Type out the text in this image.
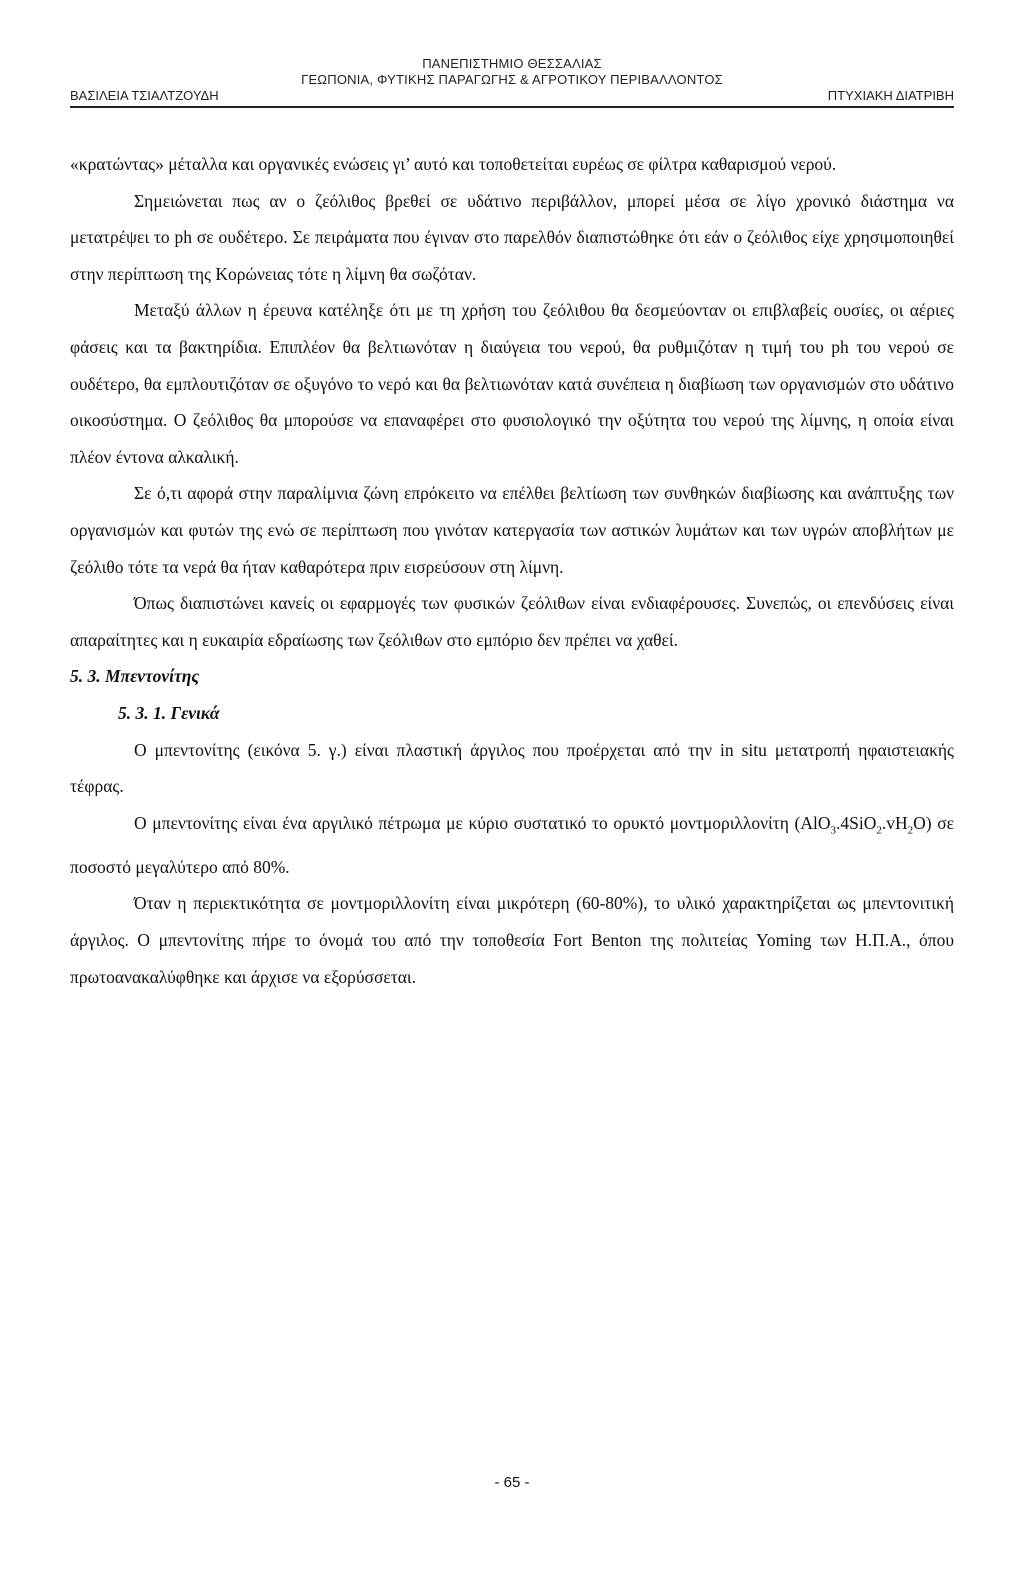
ΠΑΝΕΠΙΣΤΗΜΙΟ ΘΕΣΣΑΛΙΑΣ
ΓΕΩΠΟΝΙΑ, ΦΥΤΙΚΗΣ ΠΑΡΑΓΩΓΗΣ & ΑΓΡΟΤΙΚΟΥ ΠΕΡΙΒΑΛΛΟΝΤΟΣ
ΒΑΣΙΛΕΙΑ ΤΣΙΑΛΤΖΟΥΔΗ	ΠΤΥΧΙΑΚΗ ΔΙΑΤΡΙΒΗ

«κρατώντας» μέταλλα και οργανικές ενώσεις γι’ αυτό και τοποθετείται ευρέως σε φίλτρα καθαρισμού νερού.

Σημειώνεται πως αν ο ζεόλιθος βρεθεί σε υδάτινο περιβάλλον, μπορεί μέσα σε λίγο χρονικό διάστημα να μετατρέψει το ph σε ουδέτερο. Σε πειράματα που έγιναν στο παρελθόν διαπιστώθηκε ότι εάν ο ζεόλιθος είχε χρησιμοποιηθεί στην περίπτωση της Κορώνειας τότε η λίμνη θα σωζόταν.

Μεταξύ άλλων η έρευνα κατέληξε ότι με τη χρήση του ζεόλιθου θα δεσμεύονταν οι επιβλαβείς ουσίες, οι αέριες φάσεις και τα βακτηρίδια. Επιπλέον θα βελτιωνόταν η διαύγεια του νερού, θα ρυθμιζόταν η τιμή του ph του νερού σε ουδέτερο, θα εμπλουτιζόταν σε οξυγόνο το νερό και θα βελτιωνόταν κατά συνέπεια η διαβίωση των οργανισμών στο υδάτινο οικοσύστημα. Ο ζεόλιθος θα μπορούσε να επαναφέρει στο φυσιολογικό την οξύτητα του νερού της λίμνης, η οποία είναι πλέον έντονα αλκαλική.

Σε ό,τι αφορά στην παραλίμνια ζώνη επρόκειτο να επέλθει βελτίωση των συνθηκών διαβίωσης και ανάπτυξης των οργανισμών και φυτών της ενώ σε περίπτωση που γινόταν κατεργασία των αστικών λυμάτων και των υγρών αποβλήτων με ζεόλιθο τότε τα νερά θα ήταν καθαρότερα πριν εισρεύσουν στη λίμνη.

Όπως διαπιστώνει κανείς οι εφαρμογές των φυσικών ζεόλιθων είναι ενδιαφέρουσες. Συνεπώς, οι επενδύσεις είναι απαραίτητες και η ευκαιρία εδραίωσης των ζεόλιθων στο εμπόριο δεν πρέπει να χαθεί.

5. 3. Μπεντονίτης

5. 3. 1. Γενικά

Ο μπεντονίτης (εικόνα 5. γ.) είναι πλαστική άργιλος που προέρχεται από την in situ μετατροπή ηφαιστειακής τέφρας.

Ο μπεντονίτης είναι ένα αργιλικό πέτρωμα με κύριο συστατικό το ορυκτό μοντμοριλλονίτη $(AlO_3.4SiO_2.vH_2O)$ σε ποσοστό μεγαλύτερο από 80%.

Όταν η περιεκτικότητα σε μοντμοριλλονίτη είναι μικρότερη (60-80%), το υλικό χαρακτηρίζεται ως μπεντονιτική άργιλος. Ο μπεντονίτης πήρε το όνομά του από την τοποθεσία Fort Benton της πολιτείας Yoming των Η.Π.Α., όπου πρωτοανακαλύφθηκε και άρχισε να εξορύσσεται.

- 65 -
